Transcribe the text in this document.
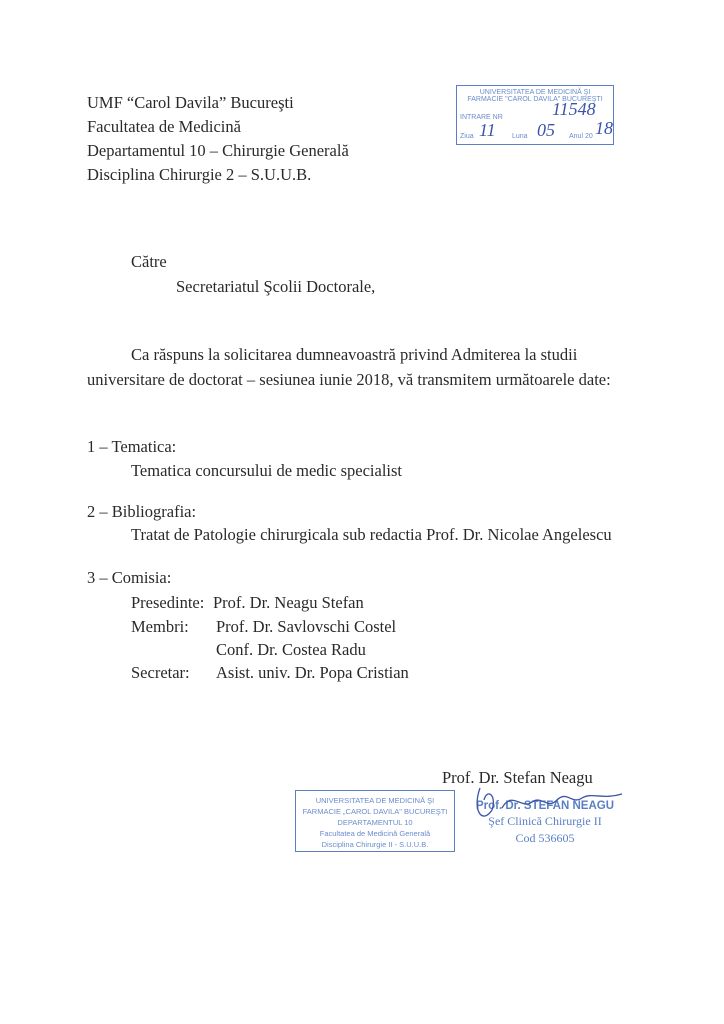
UMF “Carol Davila” Bucureşti
Facultatea de Medicină
Departamentul 10 – Chirurgie Generală
Disciplina Chirurgie 2 – S.U.U.B.
UNIVERSITATEA DE MEDICINĂ ŞI
FARMACIE "CAROL DAVILA" BUCUREŞTI
INTRARE NR	11548
Ziua 11 Luna 05 Anul 20 18
Către
Secretariatul Şcolii Doctorale,
Ca răspuns la solicitarea dumneavoastră privind Admiterea la studii
universitare de doctorat – sesiunea iunie 2018, vă transmitem următoarele date:
1 – Tematica:
Tematica concursului de medic specialist
2 – Bibliografia:
Tratat de Patologie chirurgicala sub redactia Prof. Dr. Nicolae Angelescu
3 – Comisia:
Presedinte: Prof. Dr. Neagu Stefan
Membri: Prof. Dr. Savlovschi Costel
Conf. Dr. Costea Radu
Secretar: Asist. univ. Dr. Popa Cristian
Prof. Dr. Stefan Neagu
UNIVERSITATEA DE MEDICINĂ ŞI
FARMACIE „CAROL DAVILA" BUCUREŞTI
DEPARTAMENTUL 10
Facultatea de Medicină Generală
Disciplina Chirurgie II - S.U.U.B.
Prof. Dr. STEFAN NEAGU
Şef Clinică Chirurgie II
Cod 536605
